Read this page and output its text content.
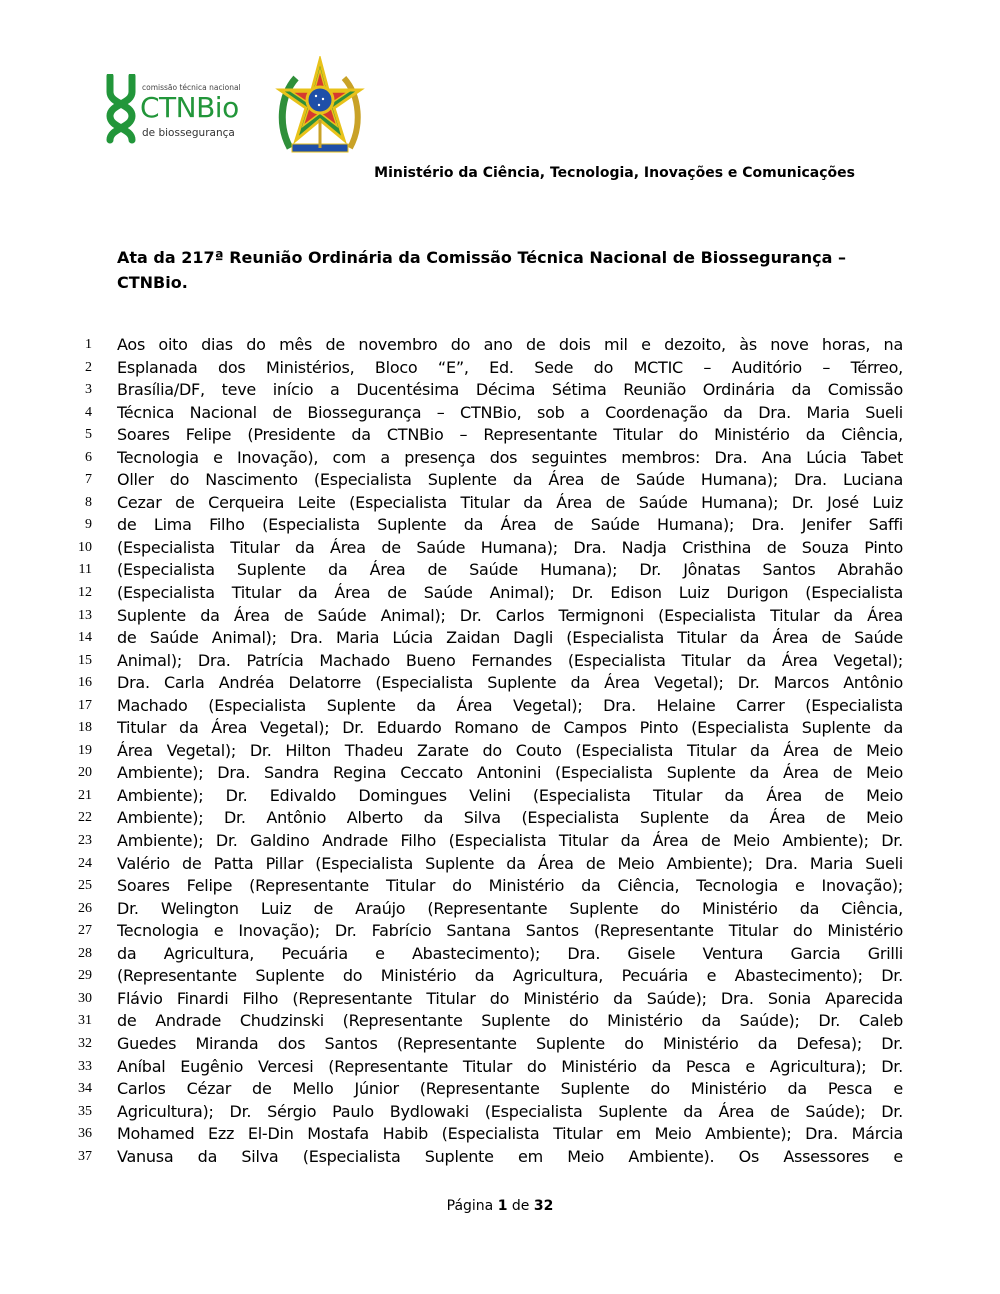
comissão técnica nacional
CTNBio
de biossegurança
Ministério da Ciência, Tecnologia, Inovações e Comunicações
Ata da 217ª Reunião Ordinária da Comissão Técnica Nacional de Biossegurança – CTNBio.
1 Aos oito dias do mês de novembro do ano de dois mil e dezoito, às nove horas, na
2 Esplanada dos Ministérios, Bloco “E”, Ed. Sede do MCTIC – Auditório – Térreo,
3 Brasília/DF, teve início a Ducentésima Décima Sétima Reunião Ordinária da Comissão
4 Técnica Nacional de Biossegurança – CTNBio, sob a Coordenação da Dra. Maria Sueli
5 Soares Felipe (Presidente da CTNBio – Representante Titular do Ministério da Ciência,
6 Tecnologia e Inovação), com a presença dos seguintes membros: Dra. Ana Lúcia Tabet
7 Oller do Nascimento (Especialista Suplente da Área de Saúde Humana); Dra. Luciana
8 Cezar de Cerqueira Leite (Especialista Titular da Área de Saúde Humana); Dr. José Luiz
9 de Lima Filho (Especialista Suplente da Área de Saúde Humana); Dra. Jenifer Saffi
10 (Especialista Titular da Área de Saúde Humana); Dra. Nadja Cristhina de Souza Pinto
11 (Especialista Suplente da Área de Saúde Humana); Dr. Jônatas Santos Abrahão
12 (Especialista Titular da Área de Saúde Animal); Dr. Edison Luiz Durigon (Especialista
13 Suplente da Área de Saúde Animal); Dr. Carlos Termignoni (Especialista Titular da Área
14 de Saúde Animal); Dra. Maria Lúcia Zaidan Dagli (Especialista Titular da Área de Saúde
15 Animal); Dra. Patrícia Machado Bueno Fernandes (Especialista Titular da Área Vegetal);
16 Dra. Carla Andréa Delatorre (Especialista Suplente da Área Vegetal); Dr. Marcos Antônio
17 Machado (Especialista Suplente da Área Vegetal); Dra. Helaine Carrer (Especialista
18 Titular da Área Vegetal); Dr. Eduardo Romano de Campos Pinto (Especialista Suplente da
19 Área Vegetal); Dr. Hilton Thadeu Zarate do Couto (Especialista Titular da Área de Meio
20 Ambiente); Dra. Sandra Regina Ceccato Antonini (Especialista Suplente da Área de Meio
21 Ambiente); Dr. Edivaldo Domingues Velini (Especialista Titular da Área de Meio
22 Ambiente); Dr. Antônio Alberto da Silva (Especialista Suplente da Área de Meio
23 Ambiente); Dr. Galdino Andrade Filho (Especialista Titular da Área de Meio Ambiente); Dr.
24 Valério de Patta Pillar (Especialista Suplente da Área de Meio Ambiente); Dra. Maria Sueli
25 Soares Felipe (Representante Titular do Ministério da Ciência, Tecnologia e Inovação);
26 Dr. Welington Luiz de Araújo (Representante Suplente do Ministério da Ciência,
27 Tecnologia e Inovação); Dr. Fabrício Santana Santos (Representante Titular do Ministério
28 da Agricultura, Pecuária e Abastecimento); Dra. Gisele Ventura Garcia Grilli
29 (Representante Suplente do Ministério da Agricultura, Pecuária e Abastecimento); Dr.
30 Flávio Finardi Filho (Representante Titular do Ministério da Saúde); Dra. Sonia Aparecida
31 de Andrade Chudzinski (Representante Suplente do Ministério da Saúde); Dr. Caleb
32 Guedes Miranda dos Santos (Representante Suplente do Ministério da Defesa); Dr.
33 Aníbal Eugênio Vercesi (Representante Titular do Ministério da Pesca e Agricultura); Dr.
34 Carlos Cézar de Mello Júnior (Representante Suplente do Ministério da Pesca e
35 Agricultura); Dr. Sérgio Paulo Bydlowaki (Especialista Suplente da Área de Saúde); Dr.
36 Mohamed Ezz El-Din Mostafa Habib (Especialista Titular em Meio Ambiente); Dra. Márcia
37 Vanusa da Silva (Especialista Suplente em Meio Ambiente). Os Assessores e
Página 1 de 32
